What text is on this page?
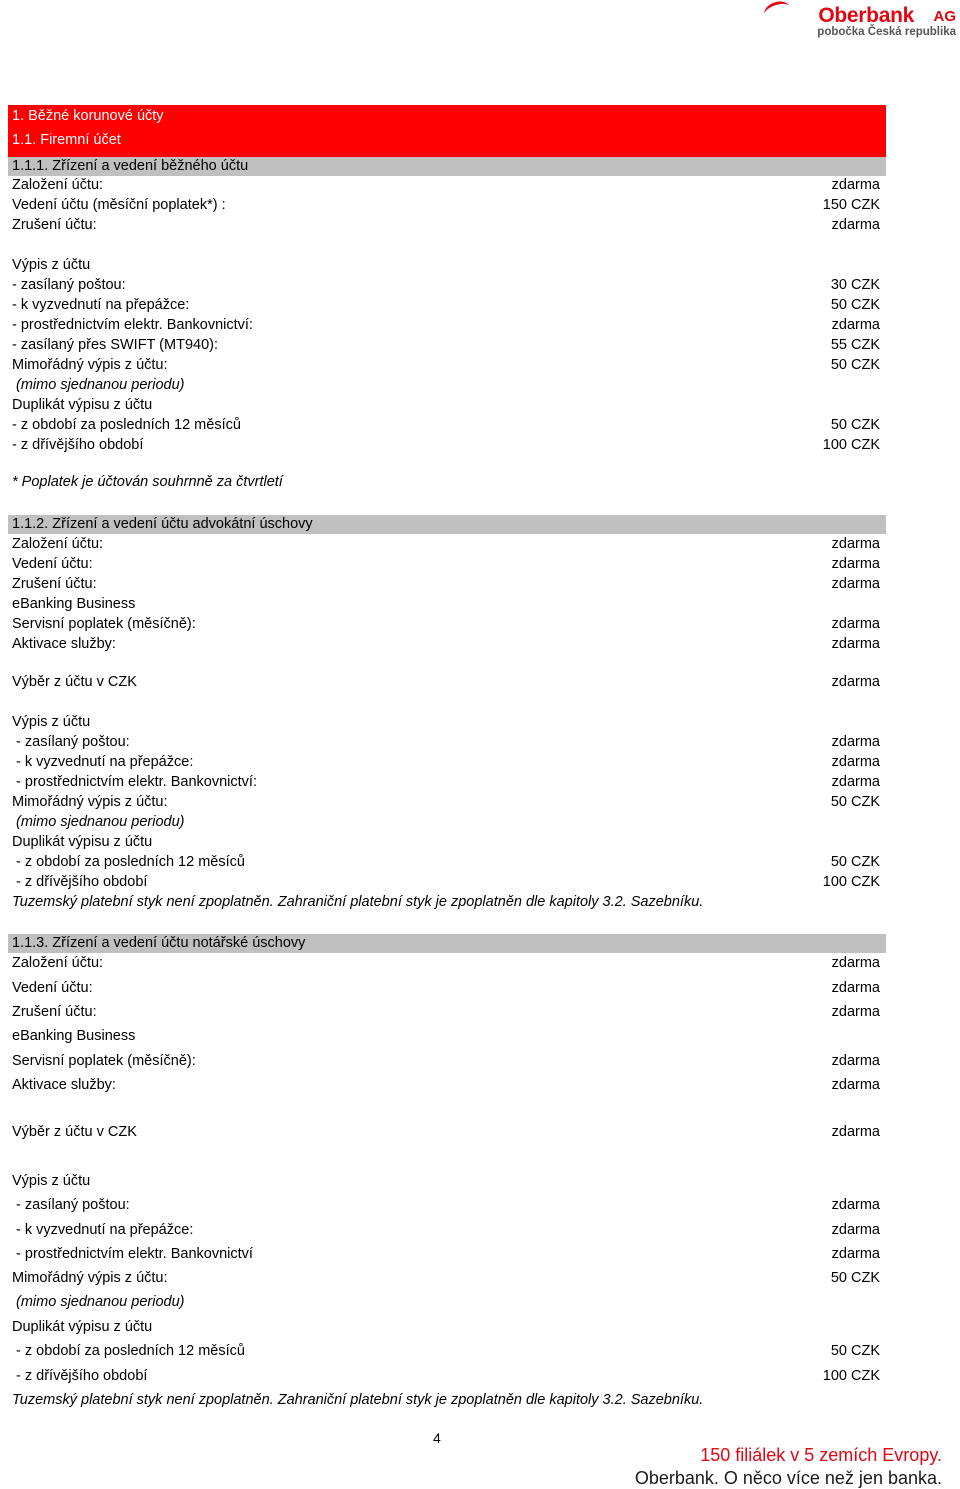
Oberbank AG
pobočka Česká republika
1. Běžné korunové účty
1.1. Firemní účet
1.1.1. Zřízení a vedení běžného účtu
Založení účtu:	zdarma
Vedení účtu (měsíční poplatek*) :	150 CZK
Zrušení účtu:	zdarma
Výpis z účtu
- zasílaný poštou:	30 CZK
- k vyzvednutí na přepážce:	50 CZK
- prostřednictvím elektr. Bankovnictví:	zdarma
- zasílaný přes SWIFT (MT940):	55 CZK
Mimořádný výpis z účtu:	50 CZK
(mimo sjednanou periodu)
Duplikát výpisu z účtu
- z období za posledních 12 měsíců	50 CZK
- z dřívějšího období	100 CZK
* Poplatek je účtován souhrnně za čtvrtletí
1.1.2. Zřízení a vedení účtu advokátní úschovy
Založení účtu:	zdarma
Vedení účtu:	zdarma
Zrušení účtu:	zdarma
eBanking Business
Servisní poplatek (měsíčně):	zdarma
Aktivace služby:	zdarma
Výběr z účtu v CZK	zdarma
Výpis z účtu
- zasílaný poštou:	zdarma
- k vyzvednutí na přepážce:	zdarma
- prostřednictvím elektr. Bankovnictví:	zdarma
Mimořádný výpis z účtu:	50 CZK
(mimo sjednanou periodu)
Duplikát výpisu z účtu
- z období za posledních 12 měsíců	50 CZK
- z dřívějšího období	100 CZK
Tuzemský platební styk není zpoplatněn. Zahraniční platební styk je zpoplatněn dle kapitoly 3.2. Sazebníku.
1.1.3. Zřízení a vedení účtu notářské úschovy
Založení účtu:	zdarma
Vedení účtu:	zdarma
Zrušení účtu:	zdarma
eBanking Business
Servisní poplatek (měsíčně):	zdarma
Aktivace služby:	zdarma
Výběr z účtu v CZK	zdarma
Výpis z účtu
- zasílaný poštou:	zdarma
- k vyzvednutí na přepážce:	zdarma
- prostřednictvím elektr. Bankovnictví	zdarma
Mimořádný výpis z účtu:	50 CZK
(mimo sjednanou periodu)
Duplikát výpisu z účtu
- z období za posledních 12 měsíců	50 CZK
- z dřívějšího období	100 CZK
Tuzemský platební styk není zpoplatněn. Zahraniční platební styk je zpoplatněn dle kapitoly 3.2. Sazebníku.
4
150 filiálek v 5 zemích Evropy.
Oberbank. O něco více než jen banka.
